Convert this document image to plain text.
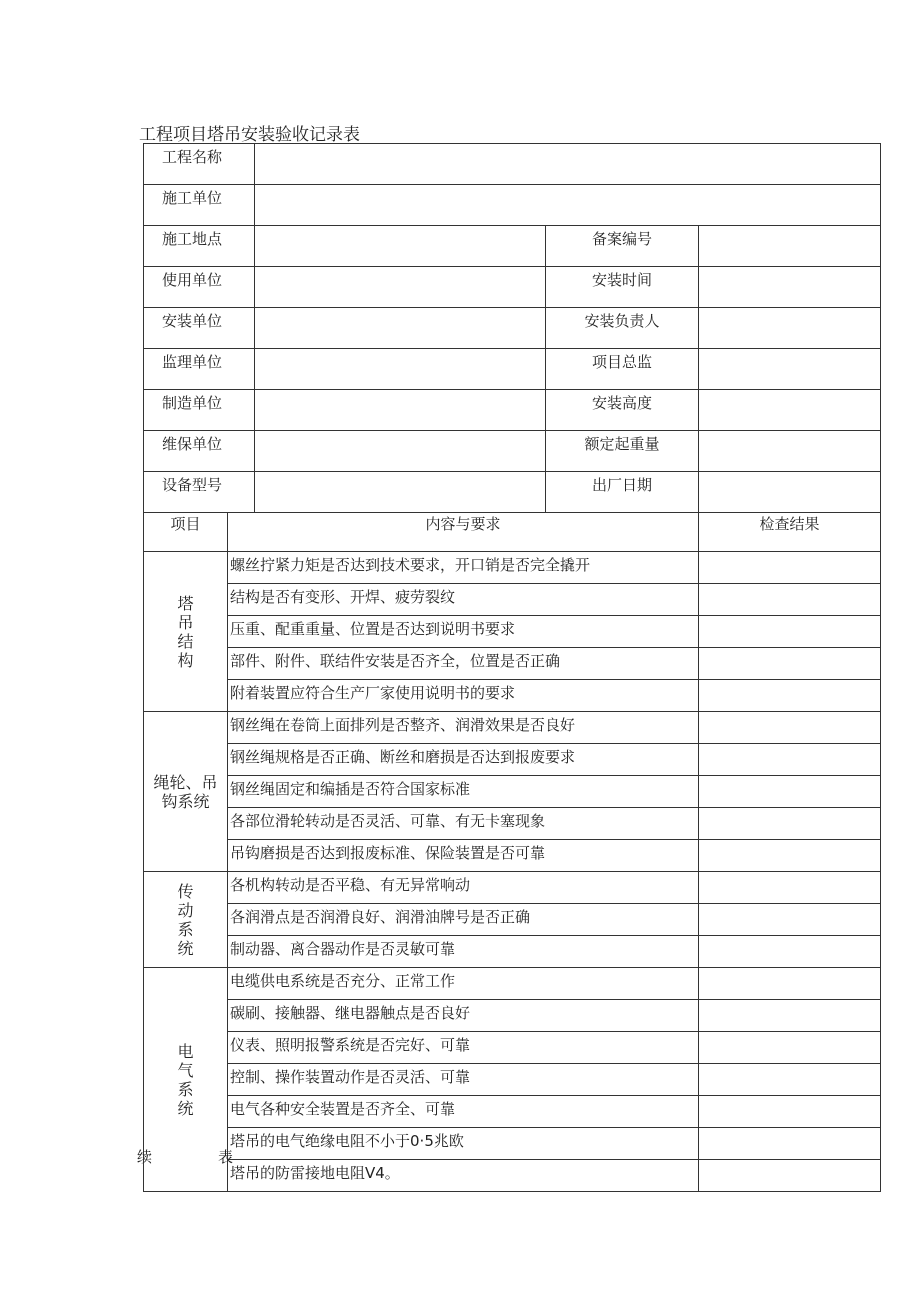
工程项目塔吊安装验收记录表
工程名称				
施工单位				
施工地点			备案编号	
使用单位			安装时间	
安装单位			安装负责人	
监理单位			项目总监	
制造单位			安装高度	
维保单位			额定起重量	
设备型号			出厂日期	
项目	内容与要求			检查结果

塔
吊
结
构	螺丝拧紧力矩是否达到技术要求，开口销是否完全撬开			
	结构是否有变形、开焊、疲劳裂纹			
	压重、配重重量、位置是否达到说明书要求			
	部件、附件、联结件安装是否齐全，位置是否正确			
	附着装置应符合生产厂家使用说明书的要求			

绳轮、吊
钩系统	钢丝绳在卷筒上面排列是否整齐、润滑效果是否良好			
	钢丝绳规格是否正确、断丝和磨损是否达到报废要求			
	钢丝绳固定和编插是否符合国家标准			
	各部位滑轮转动是否灵活、可靠、有无卡塞现象			
	吊钩磨损是否达到报废标准、保险装置是否可靠			

传
动
系
统	各机构转动是否平稳、有无异常响动			
	各润滑点是否润滑良好、润滑油牌号是否正确			
	制动器、离合器动作是否灵敏可靠			

电
气
系
统	电缆供电系统是否充分、正常工作			
	碳刷、接触器、继电器触点是否良好			
	仪表、照明报警系统是否完好、可靠			
	控制、操作装置动作是否灵活、可靠			
	电气各种安全装置是否齐全、可靠			
	塔吊的电气绝缘电阻不小于0·5兆欧			
	塔吊的防雷接地电阻V4。			
续	表
